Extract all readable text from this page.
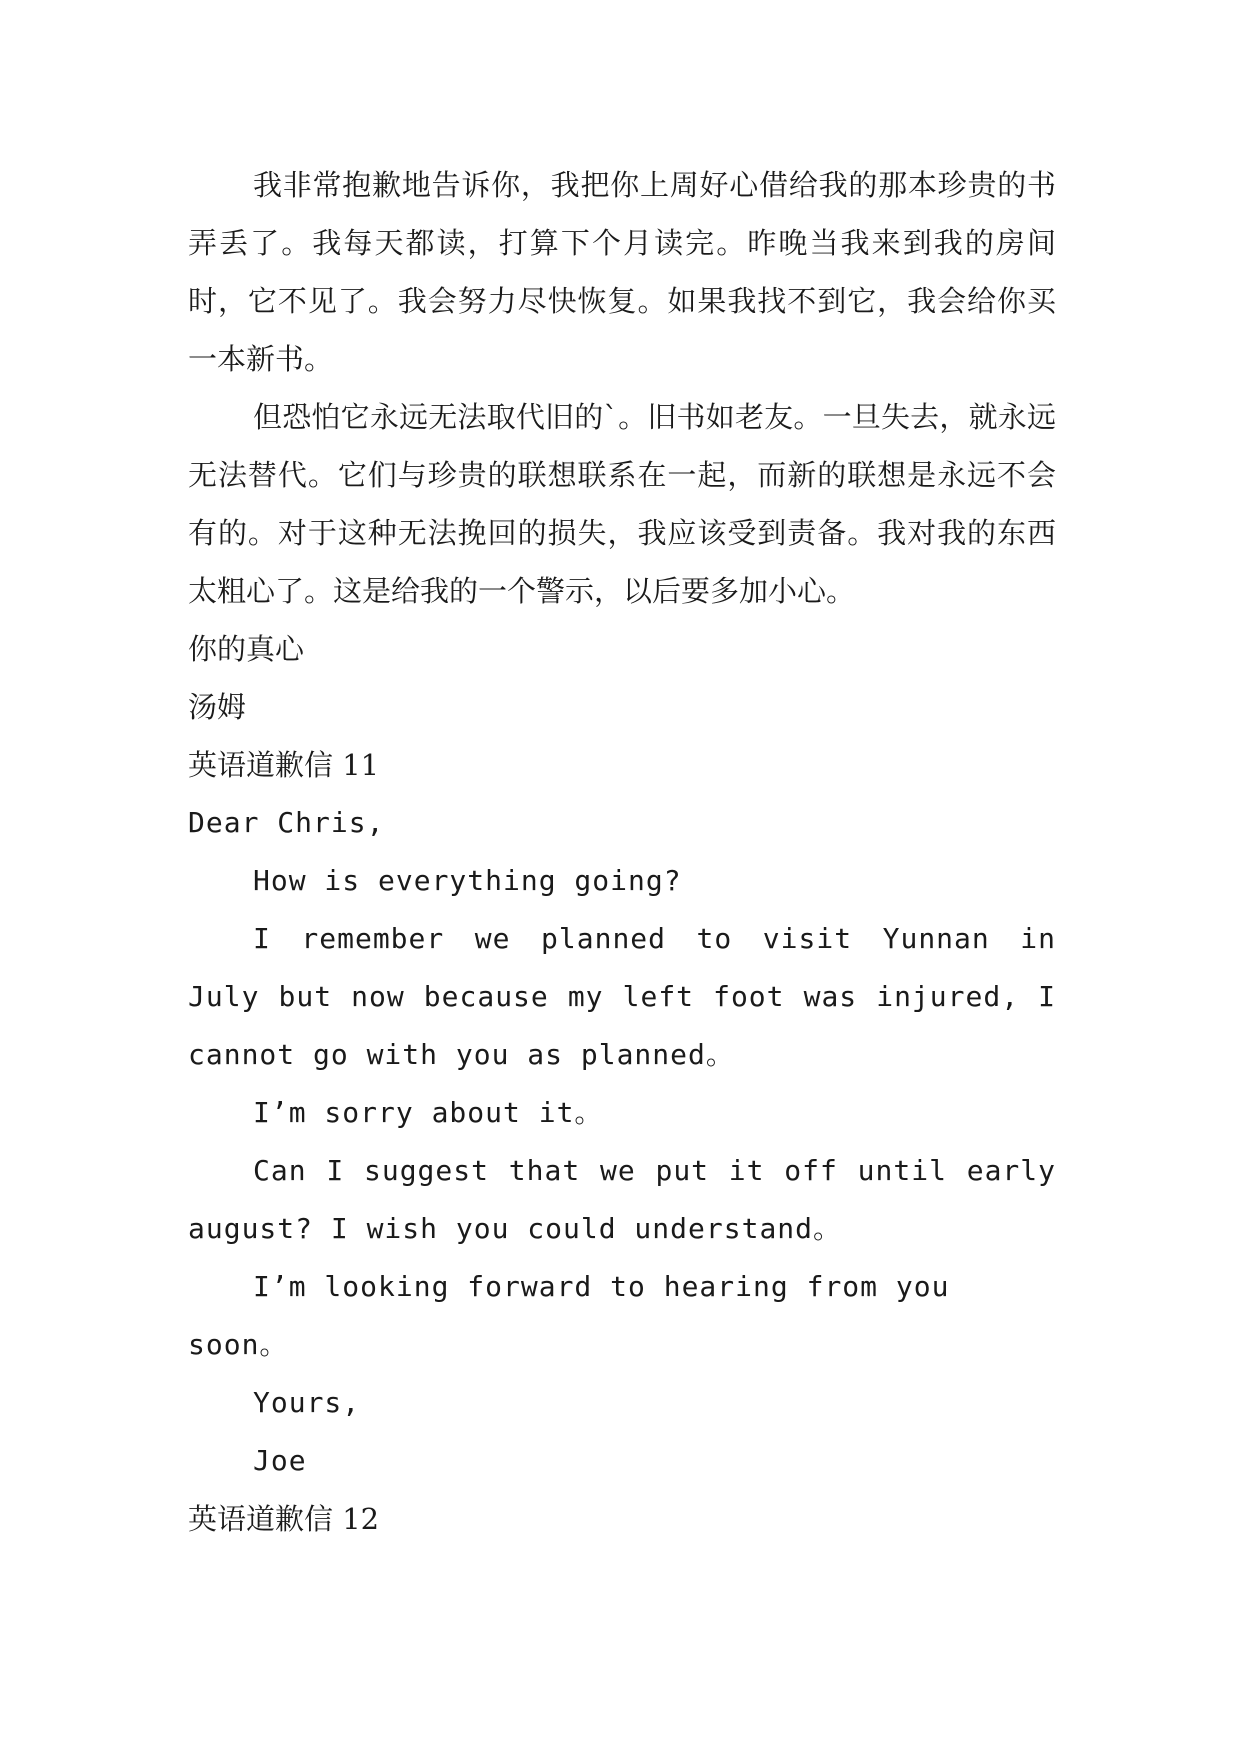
我非常抱歉地告诉你，我把你上周好心借给我的那本珍贵的书弄丢了。我每天都读，打算下个月读完。昨晚当我来到我的房间时，它不见了。我会努力尽快恢复。如果我找不到它，我会给你买一本新书。

但恐怕它永远无法取代旧的`。旧书如老友。一旦失去，就永远无法替代。它们与珍贵的联想联系在一起，而新的联想是永远不会有的。对于这种无法挽回的损失，我应该受到责备。我对我的东西太粗心了。这是给我的一个警示，以后要多加小心。

你的真心

汤姆

英语道歉信 11

Dear Chris,

How is everything going?

I remember we planned to visit Yunnan in July but now because my left foot was injured, I cannot go with you as planned。

I’m sorry about it。

Can I suggest that we put it off until early august? I wish you could understand。

I’m looking forward to hearing from you soon。

Yours,

Joe

英语道歉信 12
